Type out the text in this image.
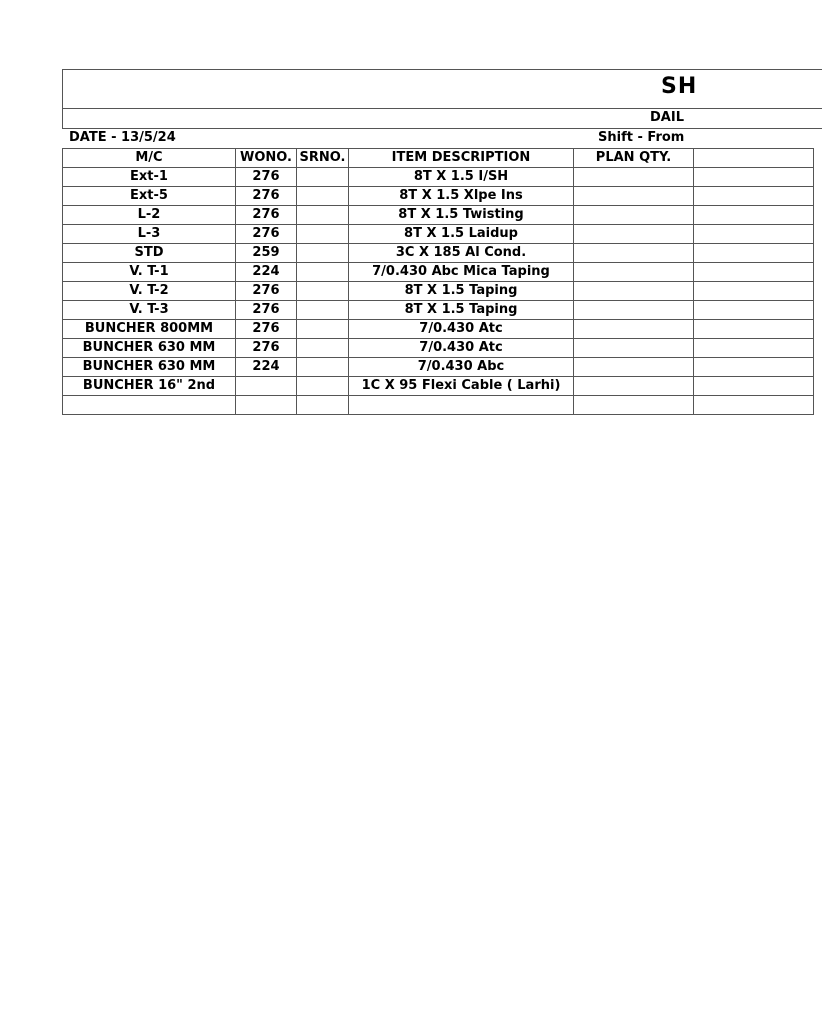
SH
DAIL
DATE - 13/5/24	Shift - From
M/C	WONO.	SRNO.	ITEM DESCRIPTION	PLAN QTY.	
Ext-1	276		8T X 1.5 I/SH		
Ext-5	276		8T X 1.5 Xlpe Ins		
L-2	276		8T X 1.5 Twisting		
L-3	276		8T X 1.5 Laidup		
STD	259		3C X 185 Al Cond.		
V. T-1	224		7/0.430 Abc Mica Taping		
V. T-2	276		8T X 1.5 Taping		
V. T-3	276		8T X 1.5 Taping		
BUNCHER 800MM	276		7/0.430 Atc		
BUNCHER 630 MM	276		7/0.430 Atc		
BUNCHER 630 MM	224		7/0.430 Abc		
BUNCHER 16" 2nd			1C X 95 Flexi Cable ( Larhi)		
